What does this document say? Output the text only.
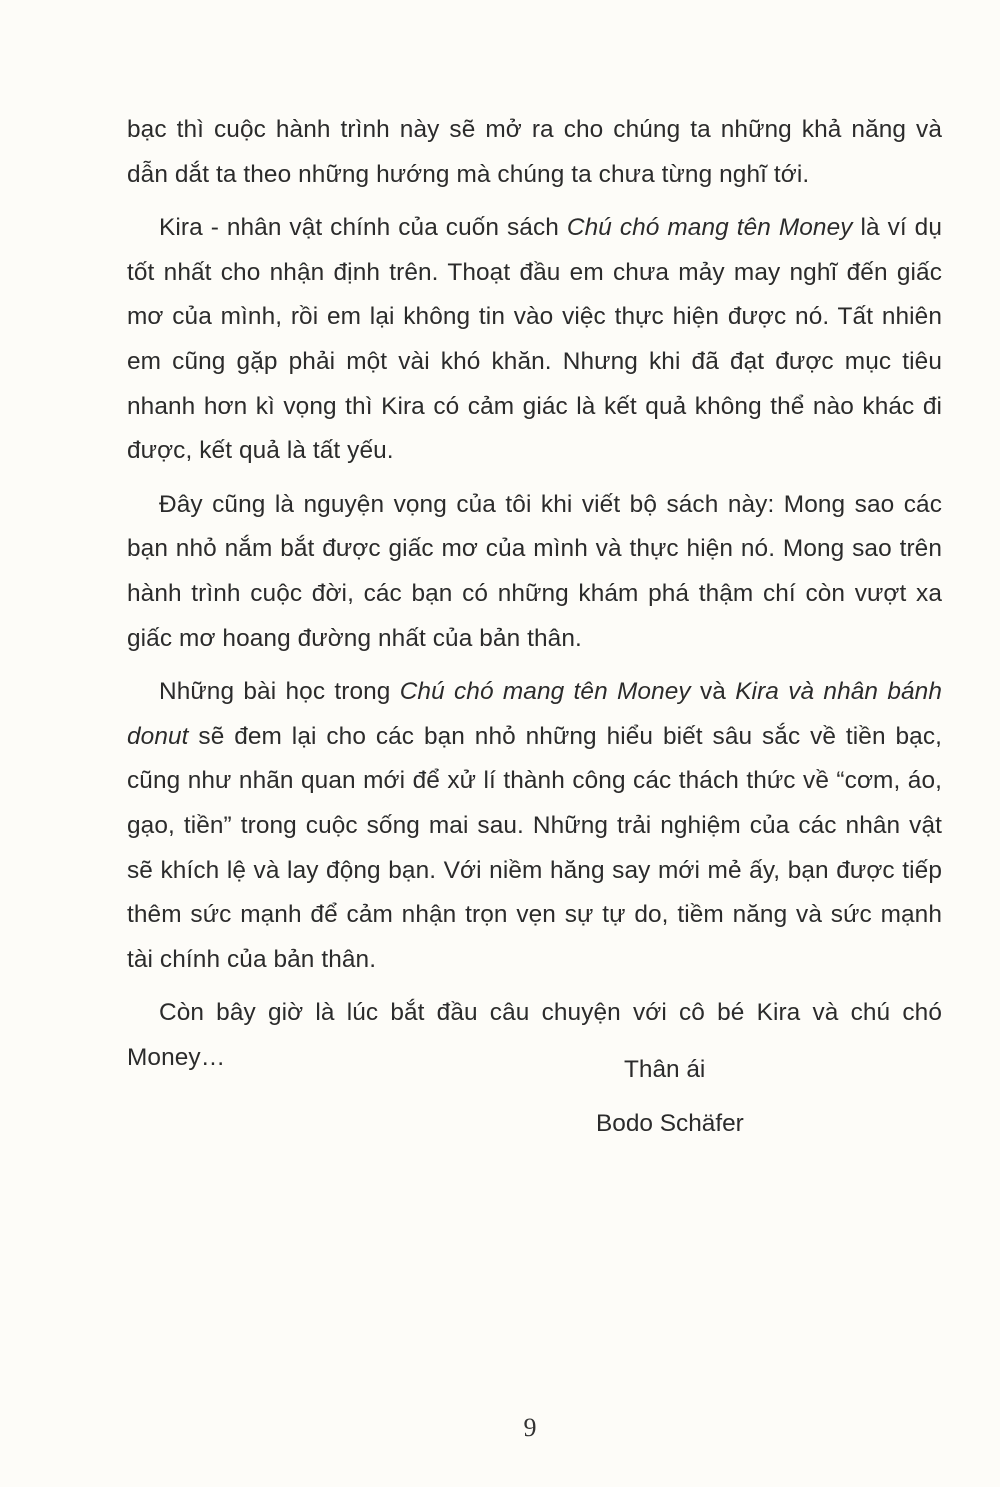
bạc thì cuộc hành trình này sẽ mở ra cho chúng ta những khả năng và dẫn dắt ta theo những hướng mà chúng ta chưa từng nghĩ tới.

Kira - nhân vật chính của cuốn sách Chú chó mang tên Money là ví dụ tốt nhất cho nhận định trên. Thoạt đầu em chưa mảy may nghĩ đến giấc mơ của mình, rồi em lại không tin vào việc thực hiện được nó. Tất nhiên em cũng gặp phải một vài khó khăn. Nhưng khi đã đạt được mục tiêu nhanh hơn kì vọng thì Kira có cảm giác là kết quả không thể nào khác đi được, kết quả là tất yếu.

Đây cũng là nguyện vọng của tôi khi viết bộ sách này: Mong sao các bạn nhỏ nắm bắt được giấc mơ của mình và thực hiện nó. Mong sao trên hành trình cuộc đời, các bạn có những khám phá thậm chí còn vượt xa giấc mơ hoang đường nhất của bản thân.

Những bài học trong Chú chó mang tên Money và Kira và nhân bánh donut sẽ đem lại cho các bạn nhỏ những hiểu biết sâu sắc về tiền bạc, cũng như nhãn quan mới để xử lí thành công các thách thức về “cơm, áo, gạo, tiền” trong cuộc sống mai sau. Những trải nghiệm của các nhân vật sẽ khích lệ và lay động bạn. Với niềm hăng say mới mẻ ấy, bạn được tiếp thêm sức mạnh để cảm nhận trọn vẹn sự tự do, tiềm năng và sức mạnh tài chính của bản thân.

Còn bây giờ là lúc bắt đầu câu chuyện với cô bé Kira và chú chó Money…	Thân ái
Bodo Schäfer
9
